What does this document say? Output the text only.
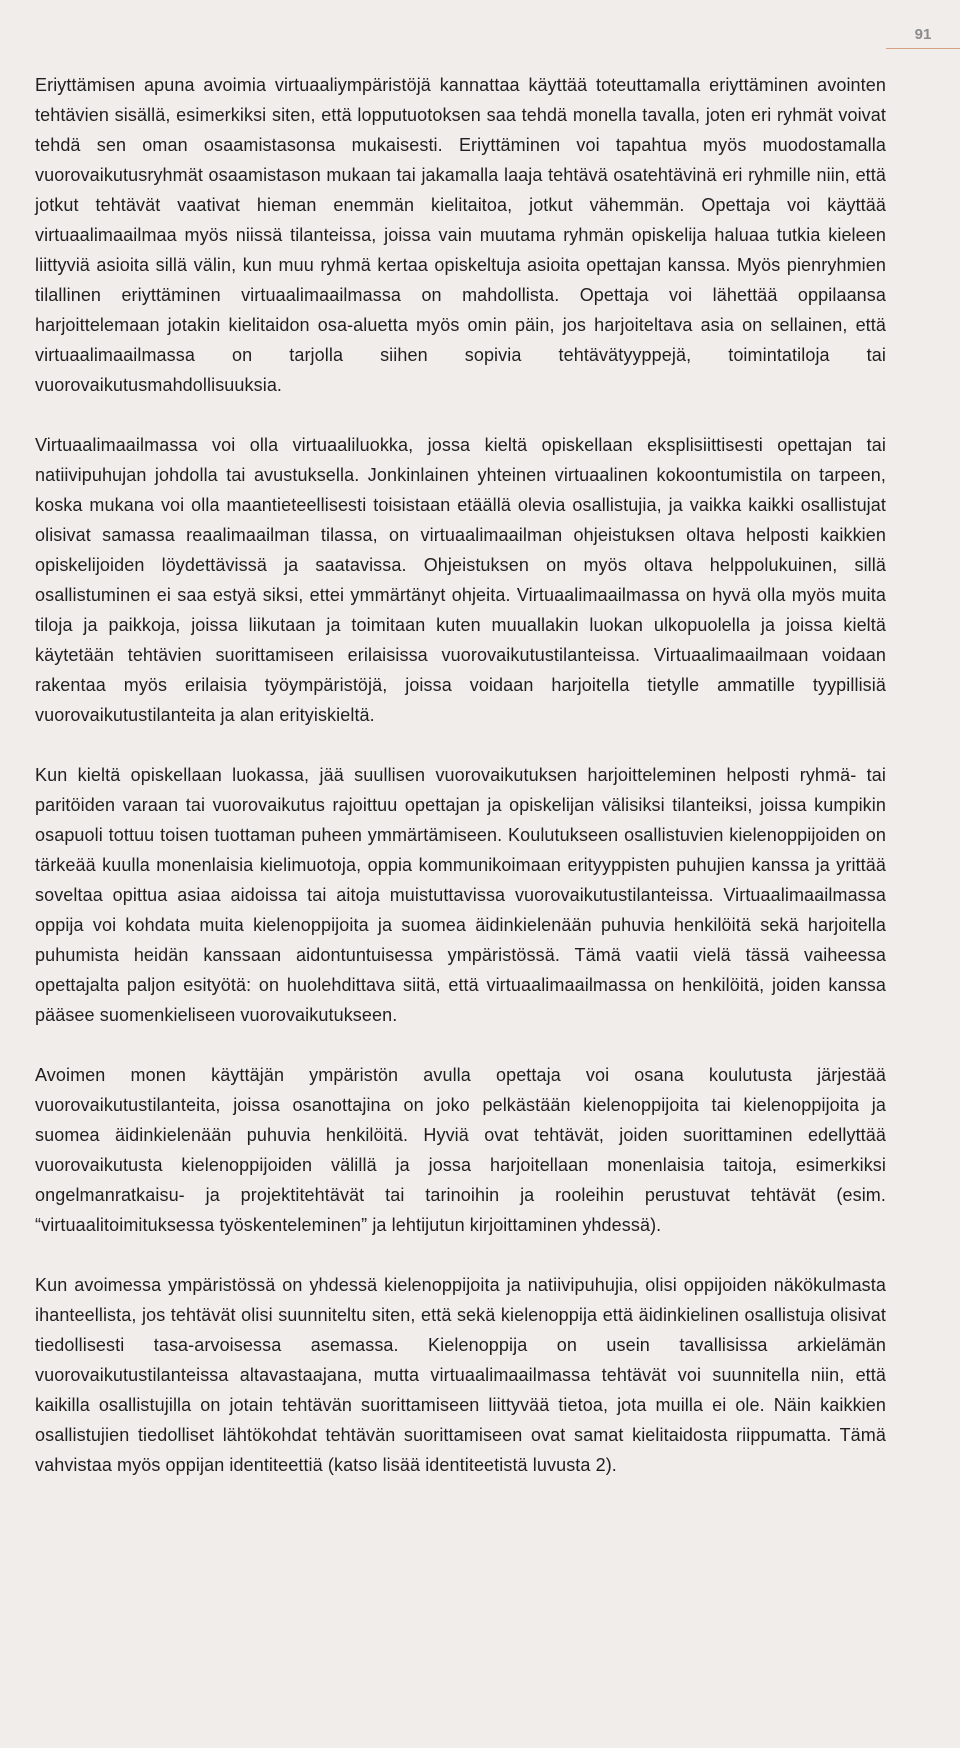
91

Eriyttämisen apuna avoimia virtuaaliympäristöjä kannattaa käyttää toteuttamalla eriyttäminen avointen tehtävien sisällä, esimerkiksi siten, että lopputuotoksen saa tehdä monella tavalla, joten eri ryhmät voivat tehdä sen oman osaamistasonsa mukaisesti. Eriyttäminen voi tapahtua myös muodostamalla vuorovaikutusryhmät osaamistason mukaan tai jakamalla laaja tehtävä osatehtävinä eri ryhmille niin, että jotkut tehtävät vaativat hieman enemmän kielitaitoa, jotkut vähemmän. Opettaja voi käyttää virtuaalimaailmaa myös niissä tilanteissa, joissa vain muutama ryhmän opiskelija haluaa tutkia kieleen liittyviä asioita sillä välin, kun muu ryhmä kertaa opiskeltuja asioita opettajan kanssa. Myös pienryhmien tilallinen eriyttäminen virtuaalimaailmassa on mahdollista. Opettaja voi lähettää oppilaansa harjoittelemaan jotakin kielitaidon osa-aluetta myös omin päin, jos harjoiteltava asia on sellainen, että virtuaalimaailmassa on tarjolla siihen sopivia tehtävätyyppejä, toimintatiloja tai vuorovaikutusmahdollisuuksia.

Virtuaalimaailmassa voi olla virtuaaliluokka, jossa kieltä opiskellaan eksplisiittisesti opettajan tai natiivipuhujan johdolla tai avustuksella. Jonkinlainen yhteinen virtuaalinen kokoontumistila on tarpeen, koska mukana voi olla maantieteellisesti toisistaan etäällä olevia osallistujia, ja vaikka kaikki osallistujat olisivat samassa reaalimaailman tilassa, on virtuaalimaailman ohjeistuksen oltava helposti kaikkien opiskelijoiden löydettävissä ja saatavissa. Ohjeistuksen on myös oltava helppolukuinen, sillä osallistuminen ei saa estyä siksi, ettei ymmärtänyt ohjeita. Virtuaalimaailmassa on hyvä olla myös muita tiloja ja paikkoja, joissa liikutaan ja toimitaan kuten muuallakin luokan ulkopuolella ja joissa kieltä käytetään tehtävien suorittamiseen erilaisissa vuorovaikutustilanteissa. Virtuaalimaailmaan voidaan rakentaa myös erilaisia työympäristöjä, joissa voidaan harjoitella tietylle ammatille tyypillisiä vuorovaikutustilanteita ja alan erityiskieltä.

Kun kieltä opiskellaan luokassa, jää suullisen vuorovaikutuksen harjoitteleminen helposti ryhmä- tai paritöiden varaan tai vuorovaikutus rajoittuu opettajan ja opiskelijan välisiksi tilanteiksi, joissa kumpikin osapuoli tottuu toisen tuottaman puheen ymmärtämiseen. Koulutukseen osallistuvien kielenoppijoiden on tärkeää kuulla monenlaisia kielimuotoja, oppia kommunikoimaan erityyppisten puhujien kanssa ja yrittää soveltaa opittua asiaa aidoissa tai aitoja muistuttavissa vuorovaikutustilanteissa. Virtuaalimaailmassa oppija voi kohdata muita kielenoppijoita ja suomea äidinkielenään puhuvia henkilöitä sekä harjoitella puhumista heidän kanssaan aidontuntuisessa ympäristössä. Tämä vaatii vielä tässä vaiheessa opettajalta paljon esityötä: on huolehdittava siitä, että virtuaalimaailmassa on henkilöitä, joiden kanssa pääsee suomenkieliseen vuorovaikutukseen.

Avoimen monen käyttäjän ympäristön avulla opettaja voi osana koulutusta järjestää vuorovaikutustilanteita, joissa osanottajina on joko pelkästään kielenoppijoita tai kielenoppijoita ja suomea äidinkielenään puhuvia henkilöitä. Hyviä ovat tehtävät, joiden suorittaminen edellyttää vuorovaikutusta kielenoppijoiden välillä ja jossa harjoitellaan monenlaisia taitoja, esimerkiksi ongelmanratkaisu- ja projektitehtävät tai tarinoihin ja rooleihin perustuvat tehtävät (esim. “virtuaalitoimituksessa työskenteleminen” ja lehtijutun kirjoittaminen yhdessä).

Kun avoimessa ympäristössä on yhdessä kielenoppijoita ja natiivipuhujia, olisi oppijoiden näkökulmasta ihanteellista, jos tehtävät olisi suunniteltu siten, että sekä kielenoppija että äidinkielinen osallistuja olisivat tiedollisesti tasa-arvoisessa asemassa. Kielenoppija on usein tavallisissa arkielämän vuorovaikutustilanteissa altavastaajana, mutta virtuaalimaailmassa tehtävät voi suunnitella niin, että kaikilla osallistujilla on jotain tehtävän suorittamiseen liittyvää tietoa, jota muilla ei ole. Näin kaikkien osallistujien tiedolliset lähtökohdat tehtävän suorittamiseen ovat samat kielitaidosta riippumatta. Tämä vahvistaa myös oppijan identiteettiä (katso lisää identiteetistä luvusta 2).
